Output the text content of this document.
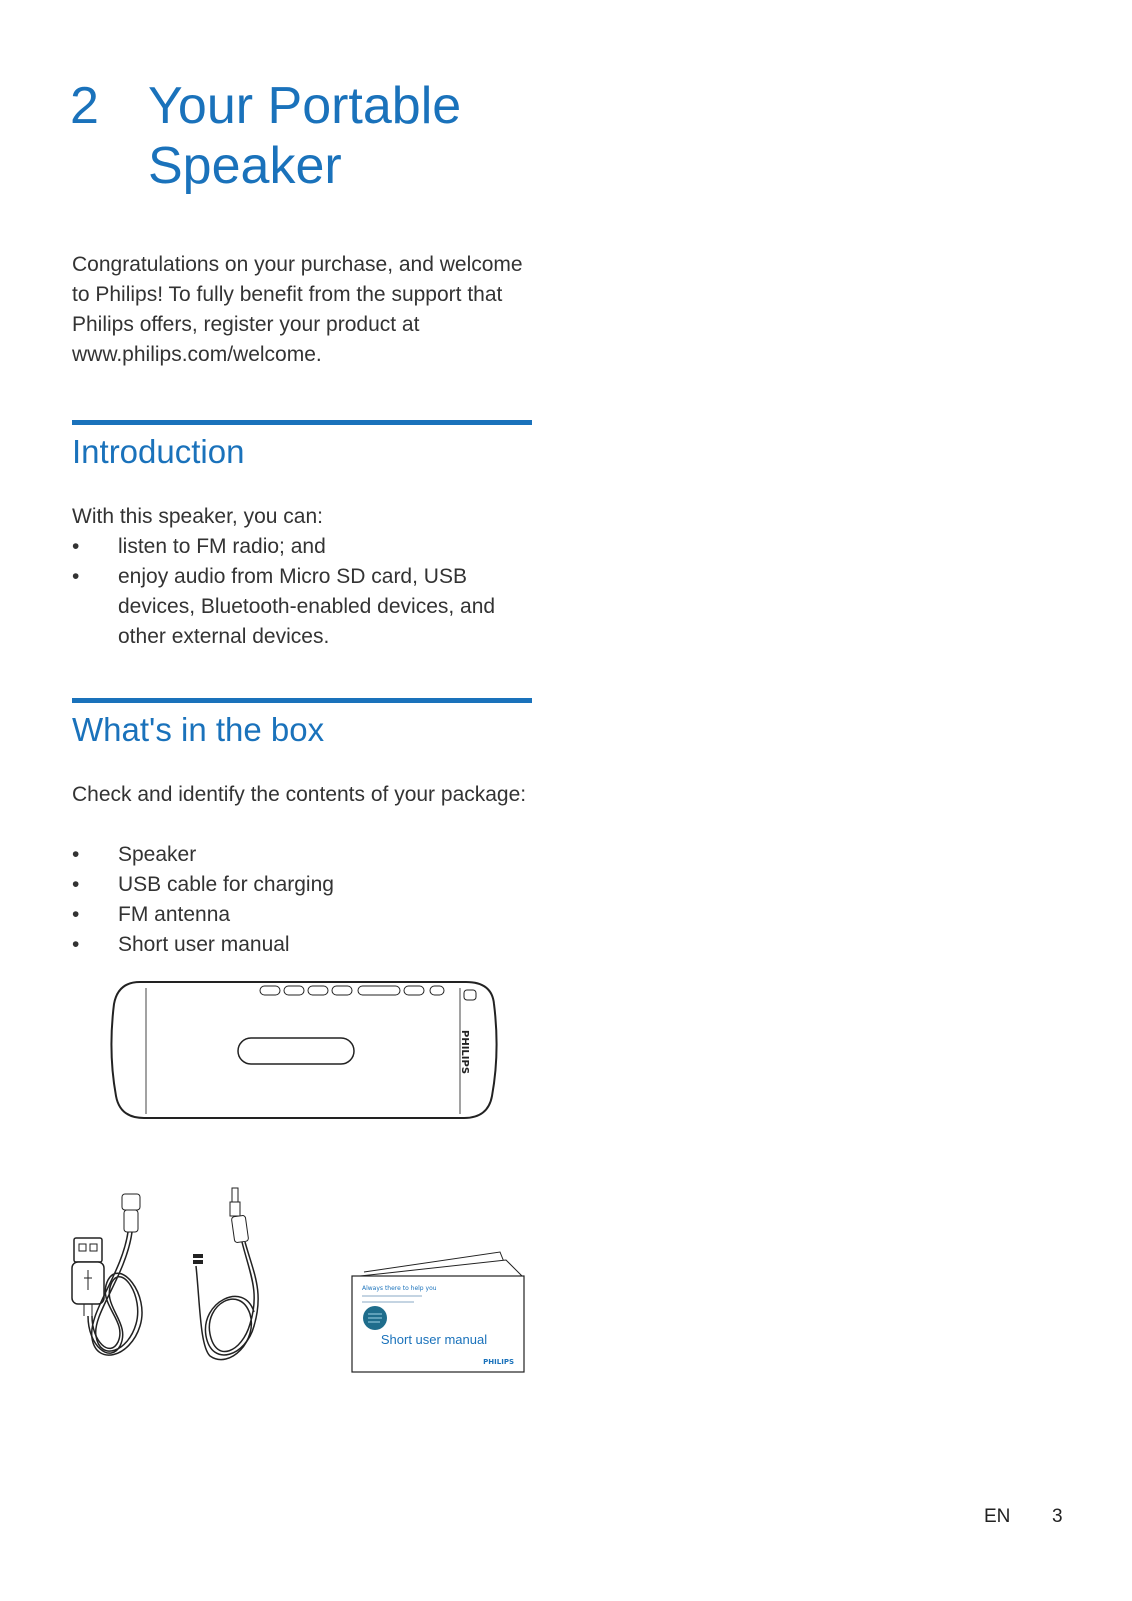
2 Your Portable Speaker

Congratulations on your purchase, and welcome to Philips! To fully benefit from the support that Philips offers, register your product at www.philips.com/welcome.

Introduction

With this speaker, you can:

• listen to FM radio; and
• enjoy audio from Micro SD card, USB devices, Bluetooth-enabled devices, and other external devices.
What's in the box

Check and identify the contents of your package:

• Speaker
• USB cable for charging
• FM antenna
• Short user manual
PHILIPS
Always there to help you
Short user manual
PHILIPS
EN 3
